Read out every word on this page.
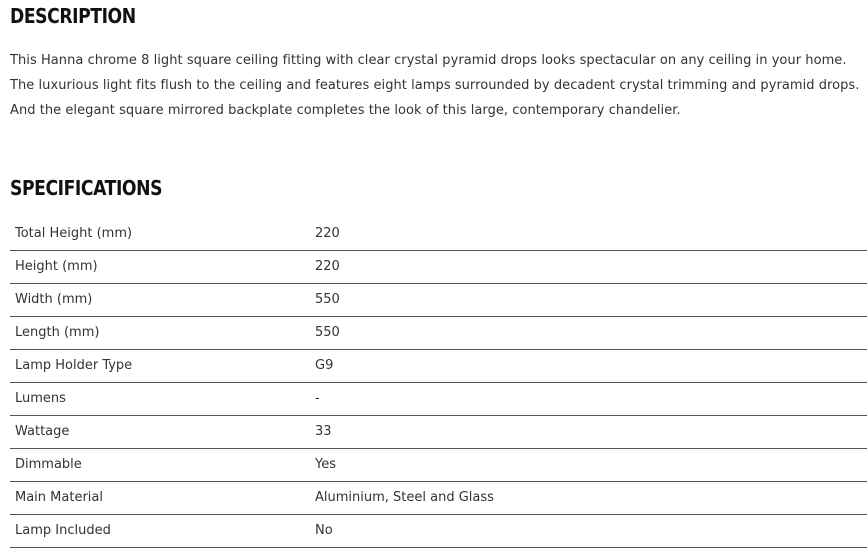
DESCRIPTION

This Hanna chrome 8 light square ceiling fitting with clear crystal pyramid drops looks spectacular on any ceiling in your home.

The luxurious light fits flush to the ceiling and features eight lamps surrounded by decadent crystal trimming and pyramid drops.

And the elegant square mirrored backplate completes the look of this large, contemporary chandelier.

SPECIFICATIONS
Total Height (mm)	220
Height (mm)	220
Width (mm)	550
Length (mm)	550
Lamp Holder Type	G9
Lumens	-
Wattage	33
Dimmable	Yes
Main Material	Aluminium, Steel and Glass
Lamp Included	No
